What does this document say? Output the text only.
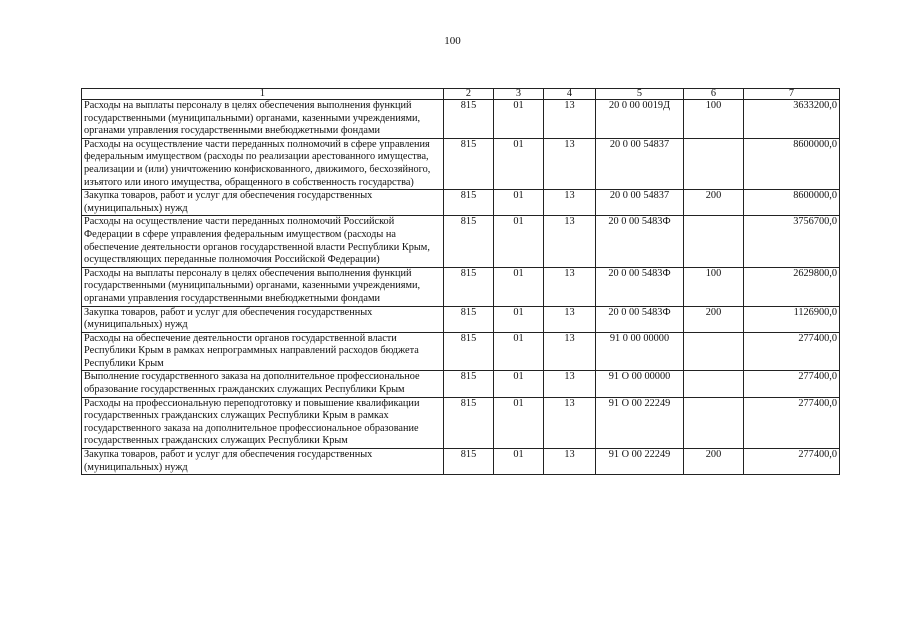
100
1	2	3	4	5	6	7
Расходы на выплаты персоналу в целях обеспечения выполнения функций государственными (муниципальными) органами, казенными учреждениями, органами управления государственными внебюджетными фондами	815	01	13	20 0 00 0019Д	100	3633200,0
Расходы на осуществление части переданных полномочий в сфере управления федеральным имуществом (расходы по реализации арестованного имущества, реализации и (или) уничтожению конфискованного, движимого, бесхозяйного, изъятого или иного имущества, обращенного в собственность государства)	815	01	13	20 0 00 54837		8600000,0
Закупка товаров, работ и услуг для обеспечения государственных (муниципальных) нужд	815	01	13	20 0 00 54837	200	8600000,0
Расходы на осуществление части переданных полномочий Российской Федерации в сфере управления федеральным имуществом (расходы на обеспечение деятельности органов государственной власти Республики Крым, осуществляющих переданные полномочия Российской Федерации)	815	01	13	20 0 00 5483Ф		3756700,0
Расходы на выплаты персоналу в целях обеспечения выполнения функций государственными (муниципальными) органами, казенными учреждениями, органами управления государственными внебюджетными фондами	815	01	13	20 0 00 5483Ф	100	2629800,0
Закупка товаров, работ и услуг для обеспечения государственных (муниципальных) нужд	815	01	13	20 0 00 5483Ф	200	1126900,0
Расходы на обеспечение деятельности органов государственной власти Республики Крым в рамках непрограммных направлений расходов бюджета Республики Крым	815	01	13	91 0 00 00000		277400,0
Выполнение государственного заказа на дополнительное профессиональное образование государственных гражданских служащих Республики Крым	815	01	13	91 О 00 00000		277400,0
Расходы на профессиональную переподготовку и повышение квалификации государственных гражданских служащих Республики Крым в рамках государственного заказа на дополнительное профессиональное образование государственных гражданских служащих Республики Крым	815	01	13	91 О 00 22249		277400,0
Закупка товаров, работ и услуг для обеспечения государственных (муниципальных) нужд	815	01	13	91 О 00 22249	200	277400,0
